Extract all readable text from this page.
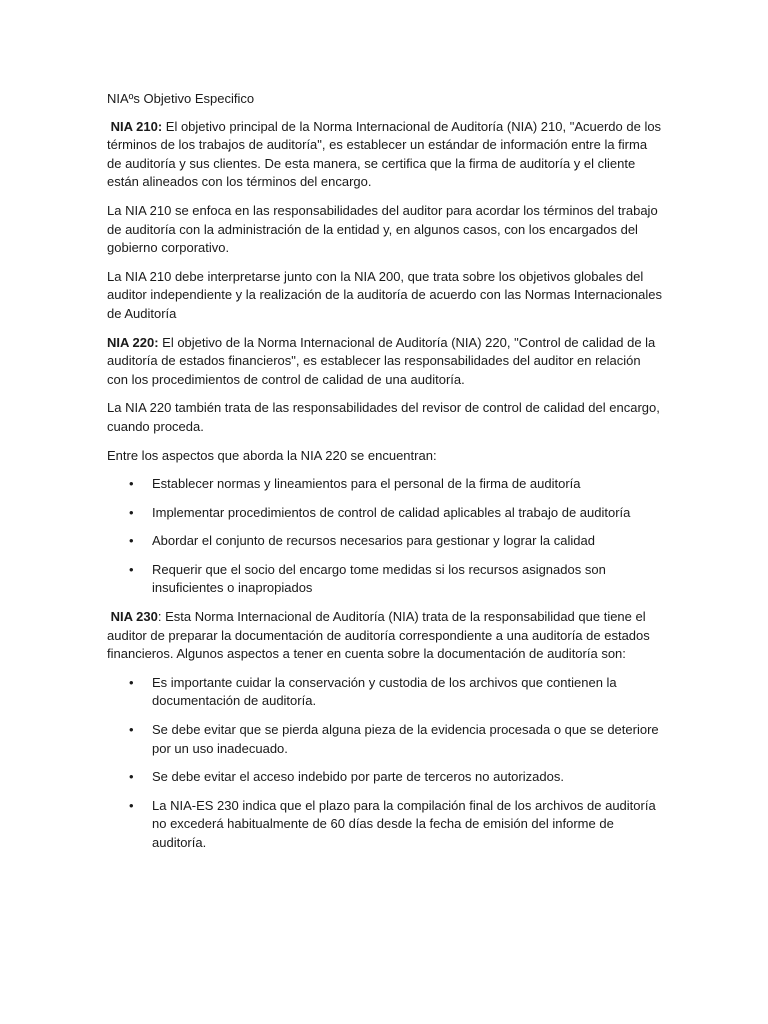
NIAºs Objetivo Especifico

NIA 210: El objetivo principal de la Norma Internacional de Auditoría (NIA) 210, "Acuerdo de los términos de los trabajos de auditoría", es establecer un estándar de información entre la firma de auditoría y sus clientes. De esta manera, se certifica que la firma de auditoría y el cliente están alineados con los términos del encargo.

La NIA 210 se enfoca en las responsabilidades del auditor para acordar los términos del trabajo de auditoría con la administración de la entidad y, en algunos casos, con los encargados del gobierno corporativo.

La NIA 210 debe interpretarse junto con la NIA 200, que trata sobre los objetivos globales del auditor independiente y la realización de la auditoría de acuerdo con las Normas Internacionales de Auditoría

NIA 220: El objetivo de la Norma Internacional de Auditoría (NIA) 220, "Control de calidad de la auditoría de estados financieros", es establecer las responsabilidades del auditor en relación con los procedimientos de control de calidad de una auditoría.

La NIA 220 también trata de las responsabilidades del revisor de control de calidad del encargo, cuando proceda.

Entre los aspectos que aborda la NIA 220 se encuentran:

• Establecer normas y lineamientos para el personal de la firma de auditoría
• Implementar procedimientos de control de calidad aplicables al trabajo de auditoría
• Abordar el conjunto de recursos necesarios para gestionar y lograr la calidad
• Requerir que el socio del encargo tome medidas si los recursos asignados son insuficientes o inapropiados

NIA 230: Esta Norma Internacional de Auditoría (NIA) trata de la responsabilidad que tiene el auditor de preparar la documentación de auditoría correspondiente a una auditoría de estados financieros. Algunos aspectos a tener en cuenta sobre la documentación de auditoría son:

• Es importante cuidar la conservación y custodia de los archivos que contienen la documentación de auditoría.
• Se debe evitar que se pierda alguna pieza de la evidencia procesada o que se deteriore por un uso inadecuado.
• Se debe evitar el acceso indebido por parte de terceros no autorizados.
• La NIA-ES 230 indica que el plazo para la compilación final de los archivos de auditoría no excederá habitualmente de 60 días desde la fecha de emisión del informe de auditoría.
